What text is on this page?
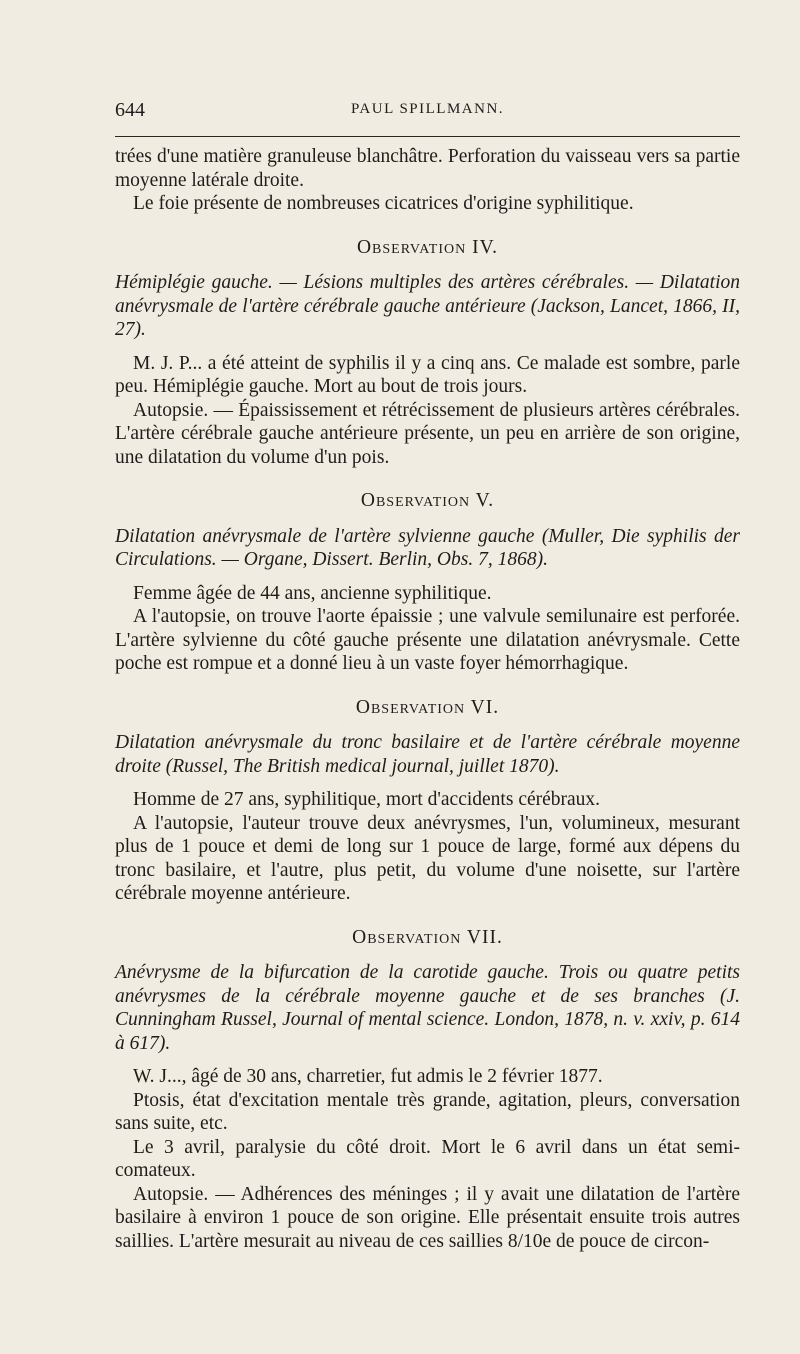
644	PAUL SPILLMANN.

trées d'une matière granuleuse blanchâtre. Perforation du vaisseau vers sa partie moyenne latérale droite.

Le foie présente de nombreuses cicatrices d'origine syphilitique.

Observation IV.

Hémiplégie gauche. — Lésions multiples des artères cérébrales. — Dilatation anévrysmale de l'artère cérébrale gauche antérieure (Jackson, Lancet, 1866, II, 27).

M. J. P... a été atteint de syphilis il y a cinq ans. Ce malade est sombre, parle peu. Hémiplégie gauche. Mort au bout de trois jours.

Autopsie. — Épaississement et rétrécissement de plusieurs artères cérébrales. L'artère cérébrale gauche antérieure présente, un peu en arrière de son origine, une dilatation du volume d'un pois.

Observation V.

Dilatation anévrysmale de l'artère sylvienne gauche (Muller, Die syphilis der Circulations. — Organe, Dissert. Berlin, Obs. 7, 1868).

Femme âgée de 44 ans, ancienne syphilitique.

A l'autopsie, on trouve l'aorte épaissie ; une valvule semilunaire est perforée. L'artère sylvienne du côté gauche présente une dilatation anévrysmale. Cette poche est rompue et a donné lieu à un vaste foyer hémorrhagique.

Observation VI.

Dilatation anévrysmale du tronc basilaire et de l'artère cérébrale moyenne droite (Russel, The British medical journal, juillet 1870).

Homme de 27 ans, syphilitique, mort d'accidents cérébraux.

A l'autopsie, l'auteur trouve deux anévrysmes, l'un, volumineux, mesurant plus de 1 pouce et demi de long sur 1 pouce de large, formé aux dépens du tronc basilaire, et l'autre, plus petit, du volume d'une noisette, sur l'artère cérébrale moyenne antérieure.

Observation VII.

Anévrysme de la bifurcation de la carotide gauche. Trois ou quatre petits anévrysmes de la cérébrale moyenne gauche et de ses branches (J. Cunningham Russel, Journal of mental science. London, 1878, n. v. xxiv, p. 614 à 617).

W. J..., âgé de 30 ans, charretier, fut admis le 2 février 1877.

Ptosis, état d'excitation mentale très grande, agitation, pleurs, conversation sans suite, etc.

Le 3 avril, paralysie du côté droit. Mort le 6 avril dans un état semi-comateux.

Autopsie. — Adhérences des méninges ; il y avait une dilatation de l'artère basilaire à environ 1 pouce de son origine. Elle présentait ensuite trois autres saillies. L'artère mesurait au niveau de ces saillies 8/10e de pouce de circon-
